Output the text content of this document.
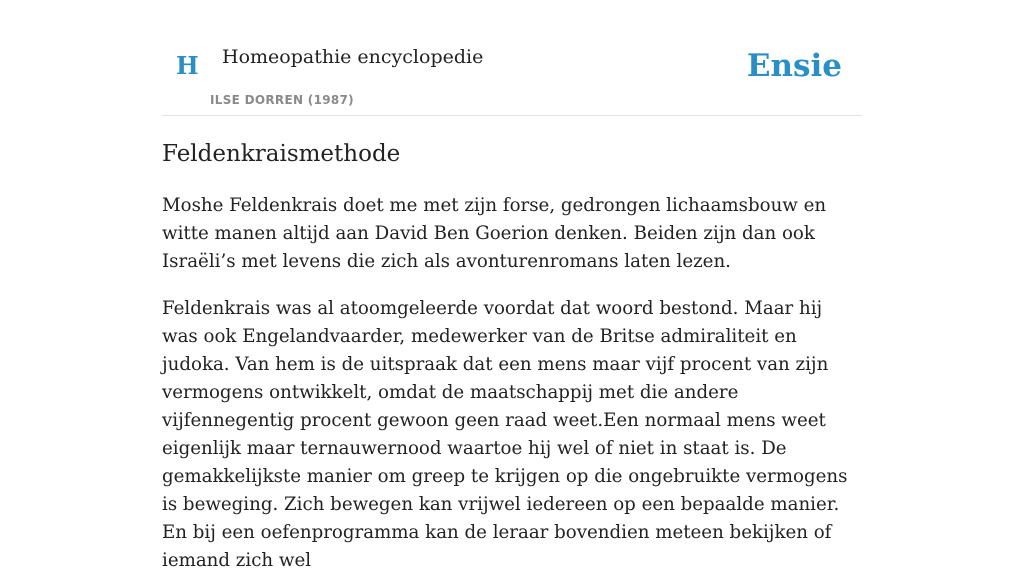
H Homeopathie encyclopedie
ILSE DORREN (1987)
Ensie
Feldenkraismethode

Moshe Feldenkrais doet me met zijn forse, gedrongen lichaamsbouw en witte manen altijd aan David Ben Goerion denken. Beiden zijn dan ook Israëli’s met levens die zich als avonturenromans laten lezen.

Feldenkrais was al atoomgeleerde voordat dat woord bestond. Maar hij was ook Engelandvaarder, medewerker van de Britse admiraliteit en judoka. Van hem is de uitspraak dat een mens maar vijf procent van zijn vermogens ontwikkelt, omdat de maatschappij met die andere vijfennegentig procent gewoon geen raad weet.Een normaal mens weet eigenlijk maar ternauwernood waartoe hij wel of niet in staat is. De gemakkelijkste manier om greep te krijgen op die ongebruikte vermogens is beweging. Zich bewegen kan vrijwel iedereen op een bepaalde manier. En bij een oefenprogramma kan de leraar bovendien meteen bekijken of iemand zich wel
